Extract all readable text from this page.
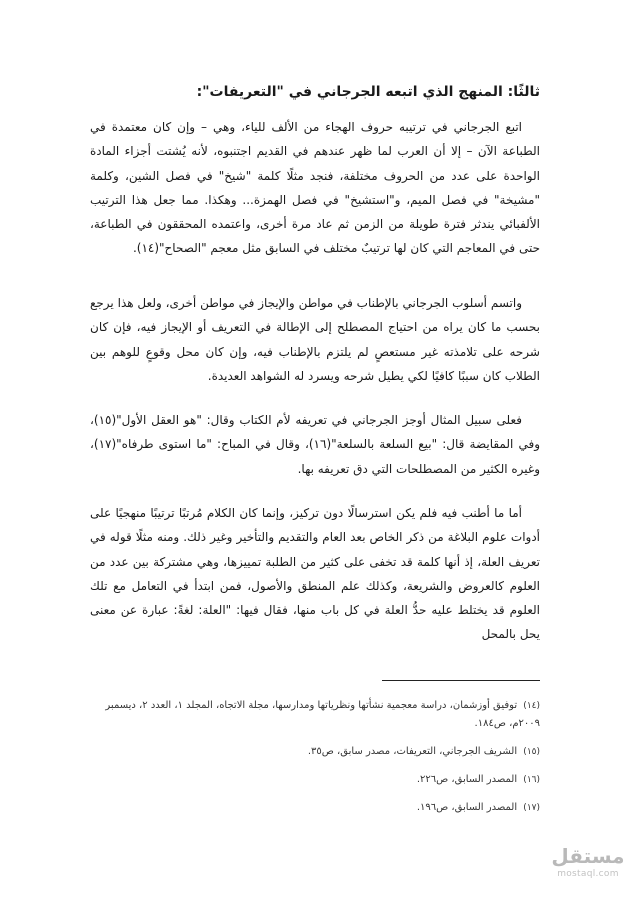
ثالثًا: المنهج الذي اتبعه الجرجاني في "التعريفات":

اتبع الجرجاني في ترتيبه حروف الهجاء من الألف للياء، وهي – وإن كان معتمدة في الطباعة الآن – إلا أن العرب لما ظهر عندهم في القديم اجتنبوه، لأنه يُشتت أجزاء المادة الواحدة على عدد من الحروف مختلفة، فنجد مثلًا كلمة "شيخ" في فصل الشين، وكلمة "مشيخة" في فصل الميم، و"استشيخ" في فصل الهمزة... وهكذا. مما جعل هذا الترتيب الألفبائي يندثر فترة طويلة من الزمن ثم عاد مرة أخرى، واعتمده المحققون في الطباعة، حتى في المعاجم التي كان لها ترتيبٌ مختلف في السابق مثل معجم "الصحاح"(١٤).

واتسم أسلوب الجرجاني بالإطناب في مواطن والإيجاز في مواطن أخرى، ولعل هذا يرجع بحسب ما كان يراه من احتياج المصطلح إلى الإطالة في التعريف أو الإيجاز فيه، فإن كان شرحه على تلامذته غير مستعصٍ لم يلتزم بالإطناب فيه، وإن كان محل وقوعٍ للوهم بين الطلاب كان سببًا كافيًا لكي يطيل شرحه ويسرد له الشواهد العديدة.

فعلى سبيل المثال أوجز الجرجاني في تعريفه لأم الكتاب وقال: "هو العقل الأول"(١٥)، وفي المقايضة قال: "بيع السلعة بالسلعة"(١٦)، وقال في المباح: "ما استوى طرفاه"(١٧)، وغيره الكثير من المصطلحات التي دق تعريفه بها.

أما ما أطنب فيه فلم يكن استرسالًا دون تركيز، وإنما كان الكلام مُرتبًا ترتيبًا منهجيًا على أدوات علوم البلاغة من ذكر الخاص بعد العام والتقديم والتأخير وغير ذلك. ومنه مثلًا قوله في تعريف العلة، إذ أنها كلمة قد تخفى على كثير من الطلبة تمييزها، وهي مشتركة بين عدد من العلوم كالعروض والشريعة، وكذلك علم المنطق والأصول، فمن ابتدأ في التعامل مع تلك العلوم قد يختلط عليه حدُّ العلة في كل باب منها، فقال فيها: "العلة: لغةً: عبارة عن معنى يحل بالمحل

(١٤) توفيق أوزشمان، دراسة معجمية نشأتها ونظرياتها ومدارسها، مجلة الاتجاه، المجلد ١، العدد ٢، ديسمبر ٢٠٠٩م، ص١٨٤.
(١٥) الشريف الجرجاني، التعريفات، مصدر سابق، ص٣٥.
(١٦) المصدر السابق، ص٢٢٦.
(١٧) المصدر السابق، ص١٩٦.
مستقل
mostaql.com
